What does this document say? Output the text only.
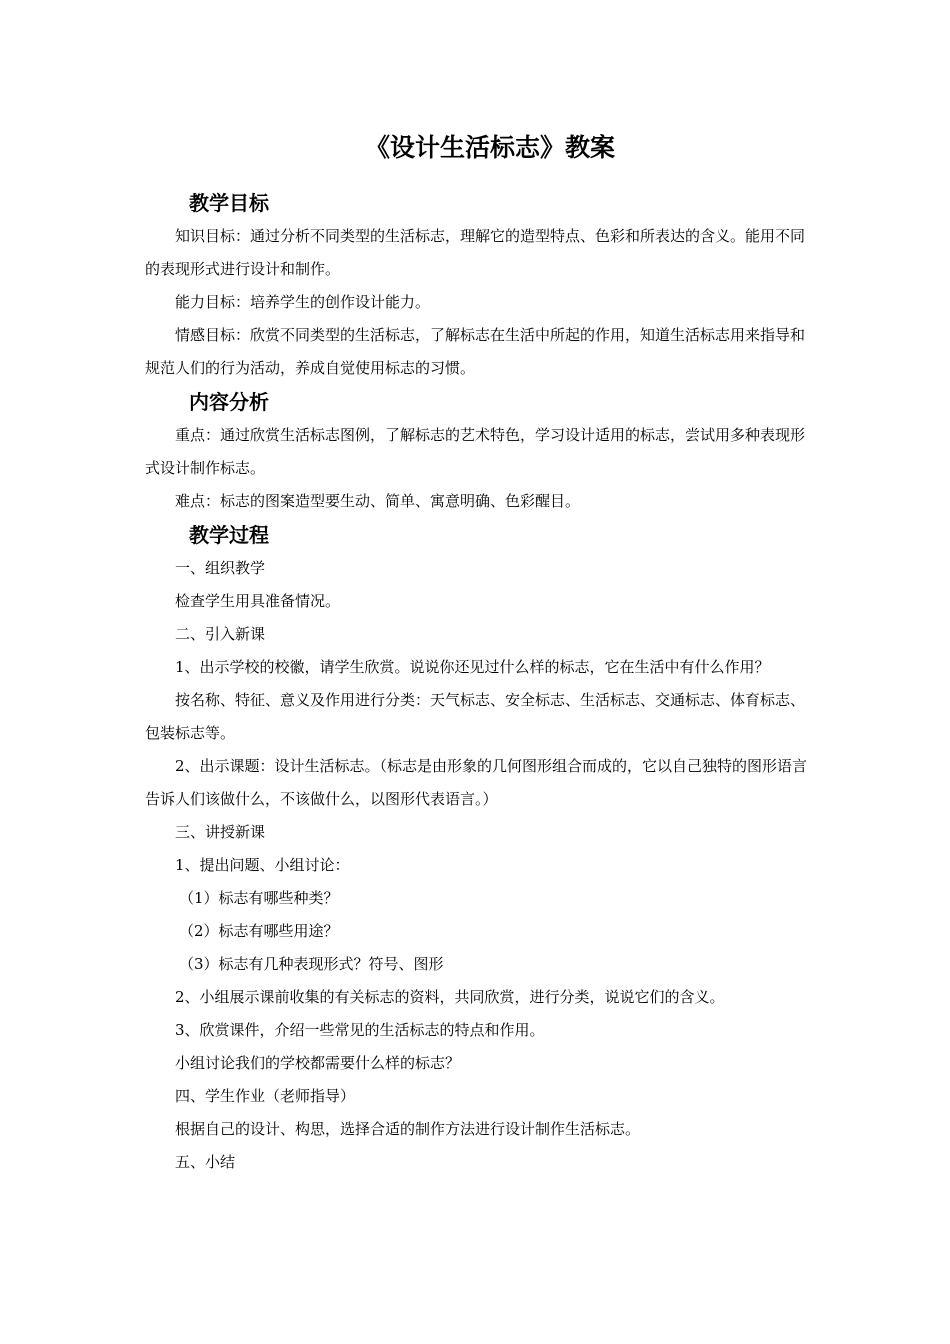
《设计生活标志》教案
教学目标

知识目标：通过分析不同类型的生活标志，理解它的造型特点、色彩和所表达的含义。能用不同的表现形式进行设计和制作。

能力目标：培养学生的创作设计能力。

情感目标：欣赏不同类型的生活标志，了解标志在生活中所起的作用，知道生活标志用来指导和规范人们的行为活动，养成自觉使用标志的习惯。

内容分析

重点：通过欣赏生活标志图例，了解标志的艺术特色，学习设计适用的标志，尝试用多种表现形式设计制作标志。

难点：标志的图案造型要生动、简单、寓意明确、色彩醒目。

教学过程

一、组织教学

检查学生用具准备情况。

二、引入新课

1、出示学校的校徽，请学生欣赏。说说你还见过什么样的标志，它在生活中有什么作用？

按名称、特征、意义及作用进行分类：天气标志、安全标志、生活标志、交通标志、体育标志、包装标志等。

2、出示课题：设计生活标志。（标志是由形象的几何图形组合而成的，它以自己独特的图形语言告诉人们该做什么，不该做什么，以图形代表语言。）

三、讲授新课

1、提出问题、小组讨论：

（1）标志有哪些种类？

（2）标志有哪些用途？

（3）标志有几种表现形式？符号、图形

2、小组展示课前收集的有关标志的资料，共同欣赏，进行分类，说说它们的含义。

3、欣赏课件，介绍一些常见的生活标志的特点和作用。

小组讨论我们的学校都需要什么样的标志？

四、学生作业（老师指导）

根据自己的设计、构思，选择合适的制作方法进行设计制作生活标志。

五、小结
